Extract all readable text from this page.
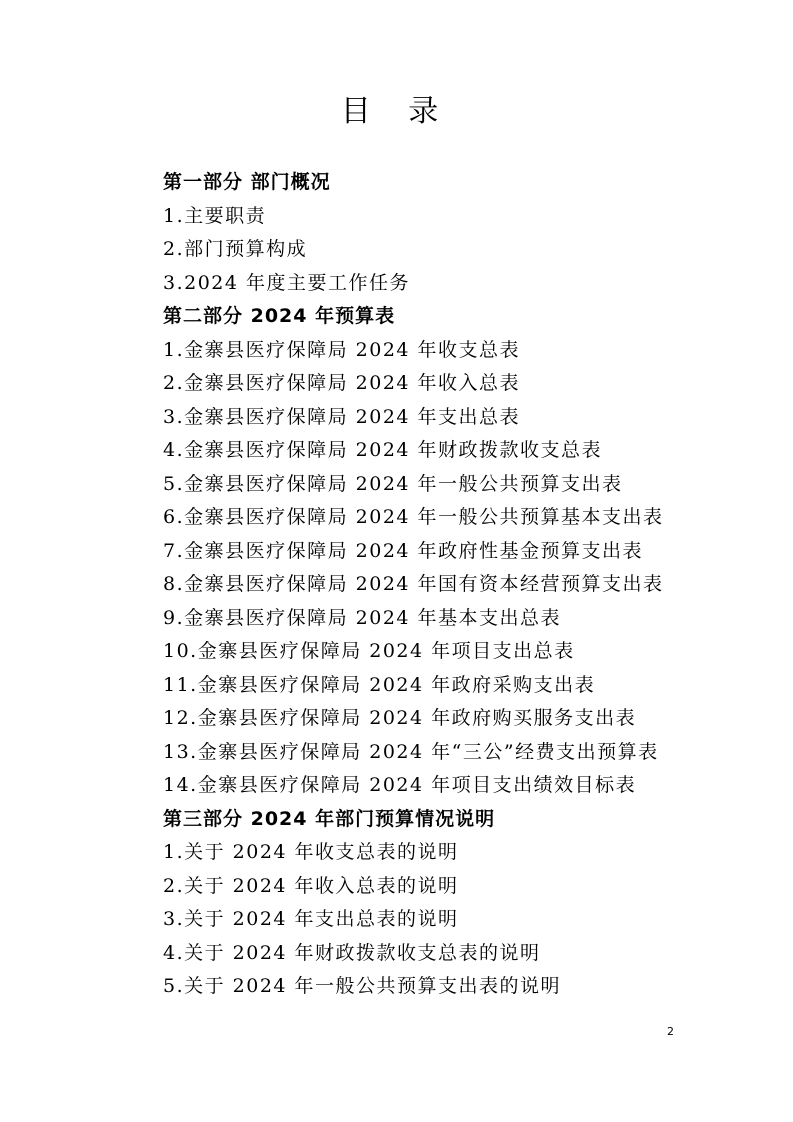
目 录
第一部分 部门概况
1.主要职责
2.部门预算构成
3.2024 年度主要工作任务
第二部分 2024 年预算表
1.金寨县医疗保障局 2024 年收支总表
2.金寨县医疗保障局 2024 年收入总表
3.金寨县医疗保障局 2024 年支出总表
4.金寨县医疗保障局 2024 年财政拨款收支总表
5.金寨县医疗保障局 2024 年一般公共预算支出表
6.金寨县医疗保障局 2024 年一般公共预算基本支出表
7.金寨县医疗保障局 2024 年政府性基金预算支出表
8.金寨县医疗保障局 2024 年国有资本经营预算支出表
9.金寨县医疗保障局 2024 年基本支出总表
10.金寨县医疗保障局 2024 年项目支出总表
11.金寨县医疗保障局 2024 年政府采购支出表
12.金寨县医疗保障局 2024 年政府购买服务支出表
13.金寨县医疗保障局 2024 年“三公”经费支出预算表
14.金寨县医疗保障局 2024 年项目支出绩效目标表
第三部分 2024 年部门预算情况说明
1.关于 2024 年收支总表的说明
2.关于 2024 年收入总表的说明
3.关于 2024 年支出总表的说明
4.关于 2024 年财政拨款收支总表的说明
5.关于 2024 年一般公共预算支出表的说明
2
